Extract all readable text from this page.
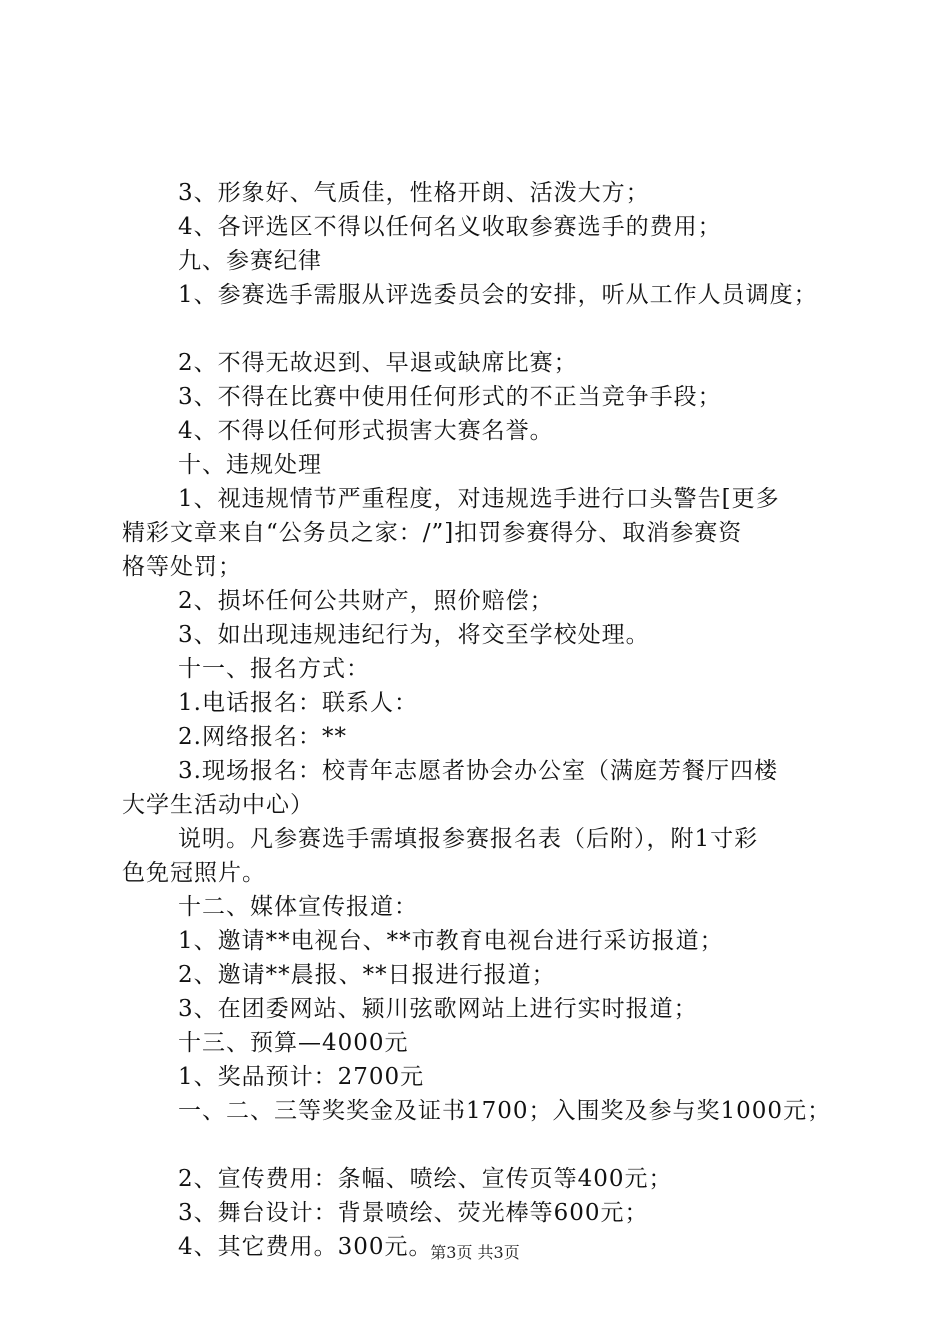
3、形象好、气质佳，性格开朗、活泼大方；
4、各评选区不得以任何名义收取参赛选手的费用；
九、参赛纪律
1、参赛选手需服从评选委员会的安排，听从工作人员调度；
2、不得无故迟到、早退或缺席比赛；
3、不得在比赛中使用任何形式的不正当竞争手段；
4、不得以任何形式损害大赛名誉。
十、违规处理
1、视违规情节严重程度，对违规选手进行口头警告[更多
精彩文章来自“公务员之家：/”]扣罚参赛得分、取消参赛资
格等处罚；
2、损坏任何公共财产，照价赔偿；
3、如出现违规违纪行为，将交至学校处理。
十一、报名方式：
1.电话报名：联系人：
2.网络报名：**
3.现场报名：校青年志愿者协会办公室（满庭芳餐厅四楼
大学生活动中心）
说明。凡参赛选手需填报参赛报名表（后附），附1寸彩
色免冠照片。
十二、媒体宣传报道：
1、邀请**电视台、**市教育电视台进行采访报道；
2、邀请**晨报、**日报进行报道；
3、在团委网站、颍川弦歌网站上进行实时报道；
十三、预算—4000元
1、奖品预计：2700元
一、二、三等奖奖金及证书1700；入围奖及参与奖1000元；
2、宣传费用：条幅、喷绘、宣传页等400元；
3、舞台设计：背景喷绘、荧光棒等600元；
4、其它费用。300元。
第3页 共3页
